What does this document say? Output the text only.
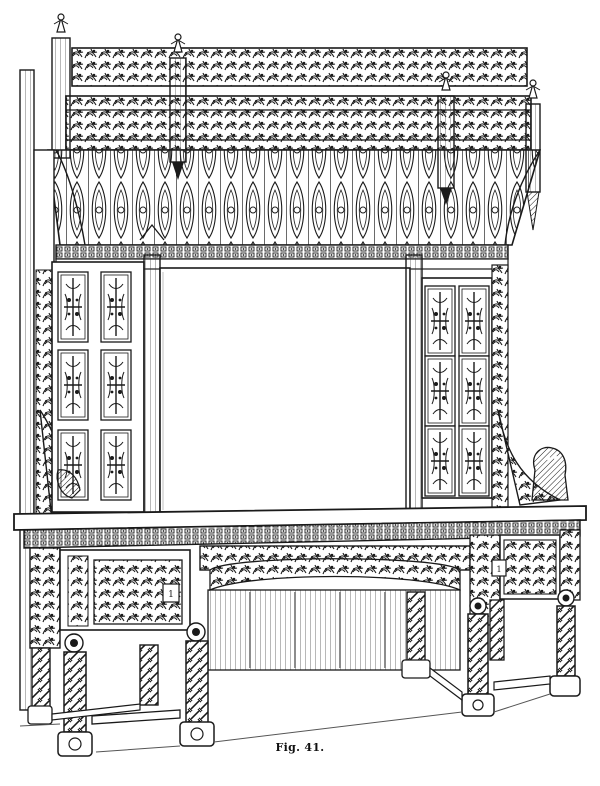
1
1
Fig. 41.
